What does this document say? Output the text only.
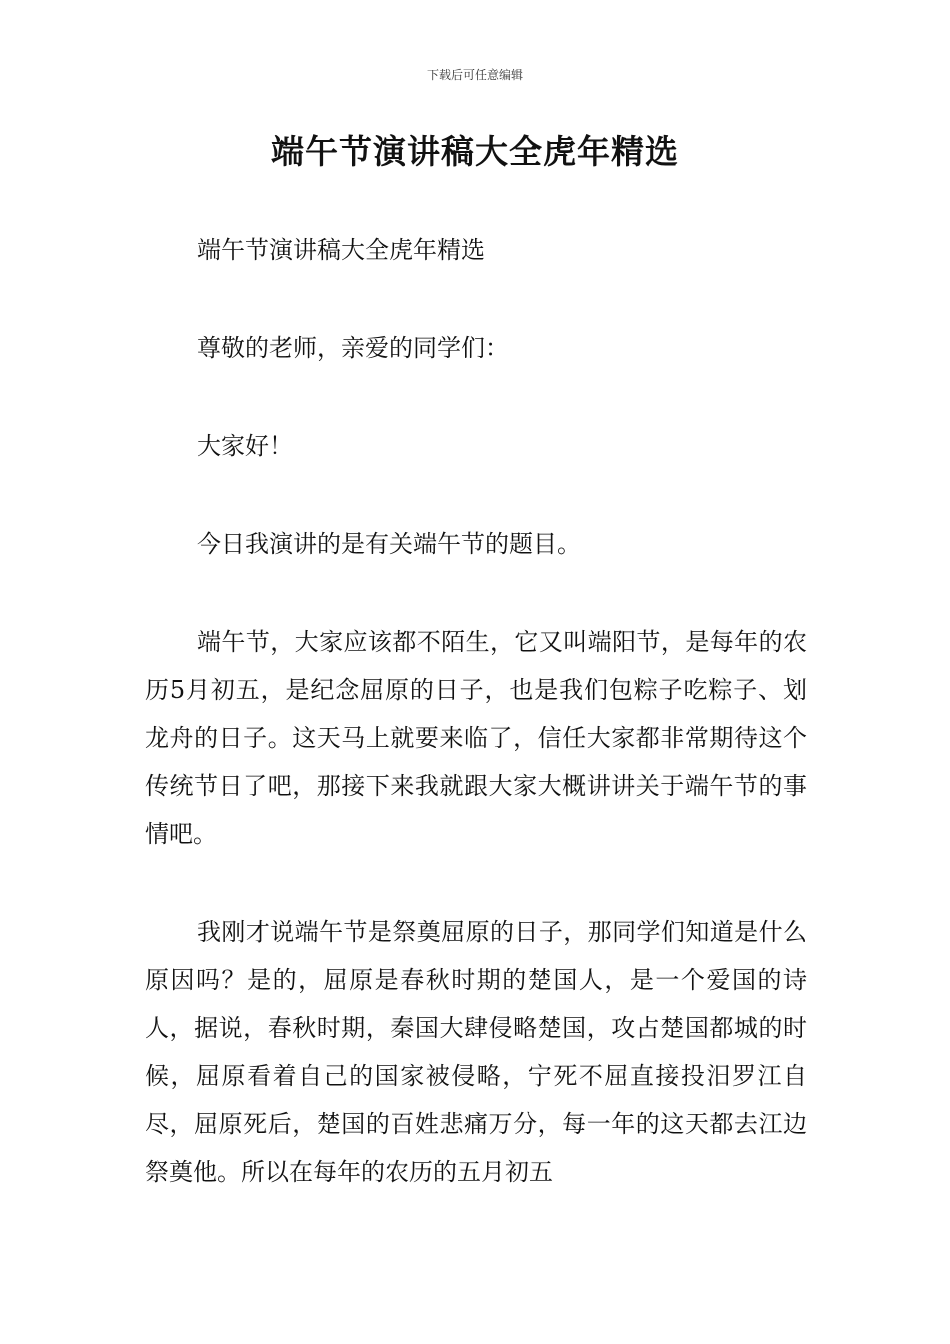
下载后可任意编辑
端午节演讲稿大全虎年精选

端午节演讲稿大全虎年精选

尊敬的老师，亲爱的同学们：

大家好！

今日我演讲的是有关端午节的题目。

端午节，大家应该都不陌生，它又叫端阳节，是每年的农历5月初五，是纪念屈原的日子，也是我们包粽子吃粽子、划龙舟的日子。这天马上就要来临了，信任大家都非常期待这个传统节日了吧，那接下来我就跟大家大概讲讲关于端午节的事情吧。

我刚才说端午节是祭奠屈原的日子，那同学们知道是什么原因吗？是的，屈原是春秋时期的楚国人，是一个爱国的诗人，据说，春秋时期，秦国大肆侵略楚国，攻占楚国都城的时候，屈原看着自己的国家被侵略，宁死不屈直接投汨罗江自尽，屈原死后，楚国的百姓悲痛万分，每一年的这天都去江边祭奠他。所以在每年的农历的五月初五
